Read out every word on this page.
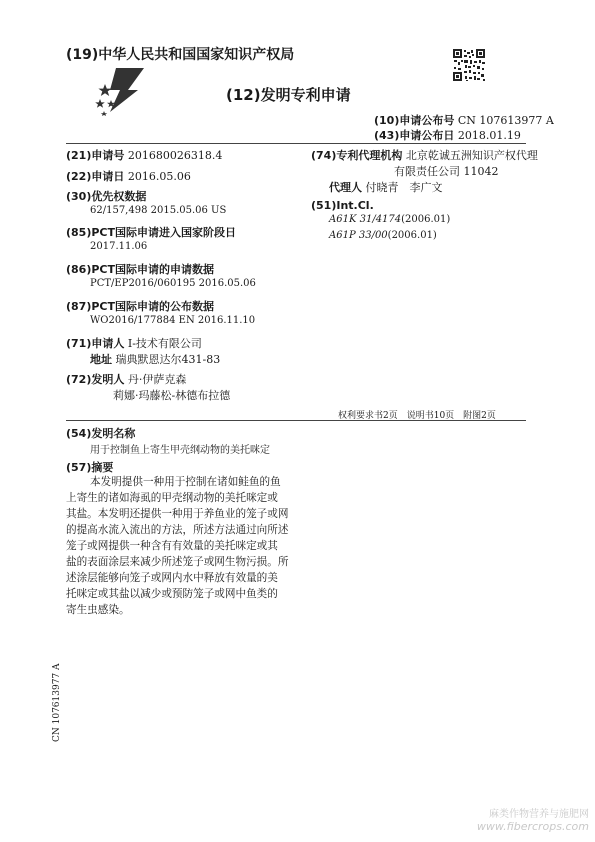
(19)中华人民共和国国家知识产权局
(12)发明专利申请
(10)申请公布号 CN 107613977 A
(43)申请公布日 2018.01.19
(21)申请号 201680026318.4
(22)申请日 2016.05.06
(30)优先权数据
62/157,498 2015.05.06 US
(85)PCT国际申请进入国家阶段日
2017.11.06
(86)PCT国际申请的申请数据
PCT/EP2016/060195 2016.05.06
(87)PCT国际申请的公布数据
WO2016/177884 EN 2016.11.10
(71)申请人 I-技术有限公司
地址 瑞典默恩达尔431-83
(72)发明人 丹·伊萨克森
莉娜·玛藤松-林德布拉德
(74)专利代理机构 北京乾诚五洲知识产权代理
有限责任公司 11042
代理人 付晓青　李广文
(51)Int.Cl.
A61K 31/4174(2006.01)
A61P 33/00(2006.01)
权利要求书2页　说明书10页　附图2页
(54)发明名称
用于控制鱼上寄生甲壳纲动物的美托咪定
(57)摘要
本发明提供一种用于控制在诸如鲑鱼的鱼
上寄生的诸如海虱的甲壳纲动物的美托咪定或
其盐。本发明还提供一种用于养鱼业的笼子或网
的提高水流入流出的方法，所述方法通过向所述
笼子或网提供一种含有有效量的美托咪定或其
盐的表面涂层来减少所述笼子或网生物污损。所
述涂层能够向笼子或网内水中释放有效量的美
托咪定或其盐以减少或预防笼子或网中鱼类的
寄生虫感染。
CN 107613977 A
麻类作物营养与施肥网
www.fibercrops.com
